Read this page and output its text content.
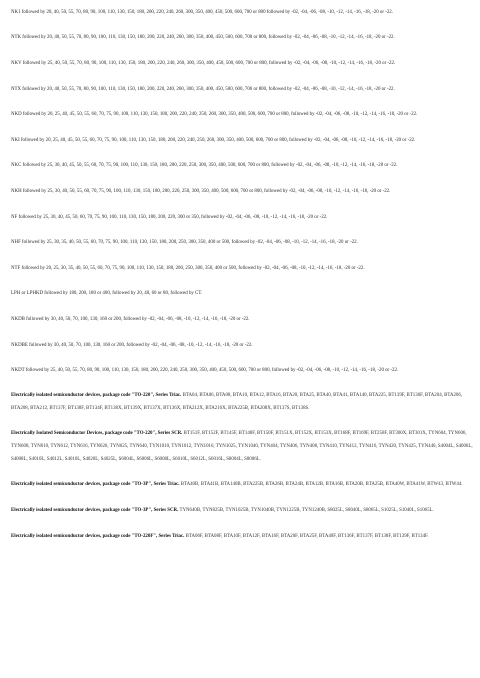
NK1 followed by 20, 40, 50, 55, 70, 80, 90, 100, 110, 130, 150, 180, 200, 220, 240, 260, 300, 350, 400, 450, 500, 600, 700 or 800 followed by -02, -04, -06, -08, -10, -12, -14, -16, -18, -20 or -22.

NTK followed by 20, 40, 50, 55, 70, 80, 90, 100, 110, 130, 150, 180, 200, 220, 240, 260, 300, 350, 400, 450, 500, 600, 700 or 800, followed by -02, -04, -06, -08, -10, -12, -14, -16, -18, -20 or -22.

NKV followed by 25, 40, 50, 55, 70, 80, 90, 100, 110, 130, 150, 180, 200, 220, 240, 260, 300, 350, 400, 450, 500, 600, 700 or 800, followed by -02, -04, -06, -08, -10, -12, -14, -16, -18, -20 or -22.

NTX followed by 20, 40, 50, 55, 70, 80, 90, 100, 110, 130, 150, 180, 200, 220, 240, 260, 300, 350, 400, 450, 500, 600, 700 or 800, followed by -02, -04, -06, -08, -10, -12, -14, -16, -18, -20 or -22.

NKD followed by 20, 25, 40, 45, 50, 55, 60, 70, 75, 90, 100, 110, 130, 150, 180, 200, 220, 240, 250, 260, 300, 350, 400, 500, 600, 700 or 800, followed by -02, -04, -06, -08, -10, -12, -14, -16, -18, -20 or -22.

NKI followed by 20, 25, 40, 45, 50, 55, 60, 70, 75, 90, 100, 110, 130, 150, 180, 200, 220, 240, 250, 260, 300, 350, 400, 500, 600, 700 or 800, followed by -02, -04, -06, -08, -10, -12, -14, -16, -18, -20 or -22.

NKC followed by 25, 30, 40, 45, 50, 55, 60, 70, 75, 90, 100, 110, 130, 150, 180, 200, 220, 250, 300, 350, 400, 500, 600, 700 or 800, followed by -02, -04, -06, -08, -10, -12, -14, -16, -18, -20 or -22.

NKH followed by 25, 30, 40, 50, 55, 60, 70, 75, 90, 100, 110, 130, 150, 180, 200, 220, 250, 300, 350, 400, 500, 600, 700 or 800, followed by -02, -04, -06, -08, -10, -12, -14, -16, -18, -20 or -22.

NF followed by 25, 30, 40, 45, 50, 60, 70, 75, 90, 100, 110, 130, 150, 180, 200, 220, 300 or 350, followed by -02, -04, -06, -08, -10, -12, -14, -16, -18, -20 or -22.

NHF followed by 25, 30, 35, 40, 50, 55, 60, 70, 75, 90, 100, 110, 130, 150, 180, 200, 250, 300, 350, 400 or 500, followed by -02, -04, -06, -08, -10, -12, -14, -16, -18, -20 or -22.

NTF followed by 20, 25, 30, 35, 40, 50, 55, 60, 70, 75, 90, 100, 110, 130, 150, 180, 200, 250, 300, 350, 400 or 500, followed by -02, -04, -06, -08, -10, -12, -14, -16, -18, -20 or -22.

LPH or LPHKD followed by 180, 200, 180 or 400, followed by 20, 40, 60 or 80, followed by CT.

NKDB followed by 30, 40, 50, 70, 100, 130, 160 or 200, followed by -02, -04, -06, -08, -10, -12, -14, -16, -18, -20 or -22.

NKDBE followed by 30, 40, 50, 70, 100, 130, 160 or 200, followed by -02, -04, -06, -08, -10, -12, -14, -16, -18, -20 or -22.

NKDT followed by 25, 40, 50, 55, 70, 80, 90, 100, 110, 130, 150, 180, 200, 220, 240, 250, 300, 350, 400, 450, 500, 600, 700 or 800, followed by -02, -04, -06, -08, -10, -12, -14, -16, -18, -20 or -22.

Electrically isolated semiconductor devices, package code "TO-220", Series Triac. BTA04, BTA06, BTA08, BTA10, BTA12, BTA16, BTA20, BTA25, BTA40, BTA41, BTA140, BTA225, BT139F, BT136F, BTA204, BTA206, BTA208, BTA212, BT137F, BT138F, BT134F, BT138X, BT139X, BT137X, BT136X, BTA212X, BTA216X, BTA225B, BTA208X, BT137S, BT138S.

Electrically Isolated Semiconductor Devices, package code "TO-220", Series SCR. BT151F, BT152F, BT145F, BT148F, BT150F, BT151X, BT152X, BT153X, BT168F, BT169F, BT258F, BT300X, BT301X, TYN604, TYN606, TYN608, TYN610, TYN612, TYN616, TYN620, TYN625, TYN640, TYN1010, TYN1012, TYN1016, TYN1025, TYN1040, TYN404, TYN406, TYN408, TYN410, TYN412, TYN416, TYN420, TYN425, TYN440, S4004L, S4006L, S4008L, S4010L, S4012L, S4016L, S4020L, S4025L, S6004L, S6006L, S6008L, S6010L, S6012L, S6016L, S8004L, S8006L.

Electrically isolated semiconductor devices, package code "TO-3P", Series Triac. BTA40B, BTA41B, BTA140B, BTA225B, BTA26B, BTA24B, BTA12B, BTA16B, BTA20B, BTA25B, BTA40W, BTA41W, BTW43, BTW44.

Electrically isolated semiconductor devices, package code "TO-3P", Series SCR. TYN640B, TYN825B, TYN1025B, TYN1040B, TYN1225B, TYN1240B, S8025L, S8040L, S8065L, S1025L, S1040L, S1065L.

Electrically isolated semiconductor devices, package code "TO-220F", Series Triac. BTA06F, BTA08F, BTA10F, BTA12F, BTA16F, BTA20F, BTA25F, BTA40F, BT136F, BT137F, BT138F, BT139F, BT134F.
